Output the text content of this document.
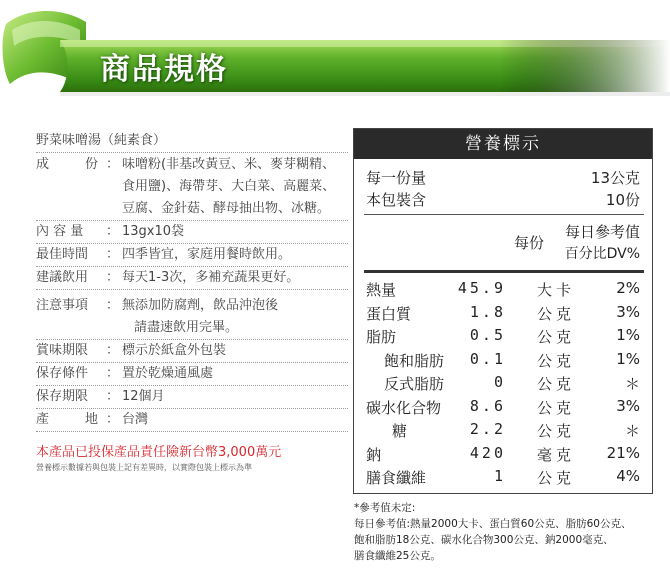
商品規格
野菜味噌湯（純素食）
成	份 ： 味噌粉(非基改黃豆、米、麥芽糊精、
食用鹽)、海帶芽、大白菜、高麗菜、
豆腐、金針菇、酵母抽出物、冰糖。
內 容 量 ： 13gx10袋
最佳時間 ： 四季皆宜，家庭用餐時飲用。
建議飲用 ： 每天1-3次，多補充蔬果更好。
注意事項 ： 無添加防腐劑，飲品沖泡後
請盡速飲用完畢。
賞味期限 ： 標示於紙盒外包裝
保存條件 ： 置於乾燥通風處
保存期限 ： 12個月
產	地 ： 台灣
本產品已投保產品責任險新台幣3,000萬元
營養標示數據若與包裝上記有差異時，以實際包裝上標示為準
營養標示
每一份量	13公克
本包裝含	10份
每份
每日參考值
百分比DV%
熱量	45.9 大卡	2%
蛋白質	1.8 公克	3%
脂肪	0.5 公克	1%
飽和脂肪 0.1 公克	1%
反式脂肪	0 公克	＊
碳水化合物 8.6 公克	3%
糖	2.2 公克	＊
鈉	420 毫克 21%
膳食纖維	1 公克	4%
*參考值未定:
每日參考值:熱量2000大卡、蛋白質60公克、脂肪60公克、
飽和脂肪18公克、碳水化合物300公克、鈉2000毫克、
膳食纖維25公克。
